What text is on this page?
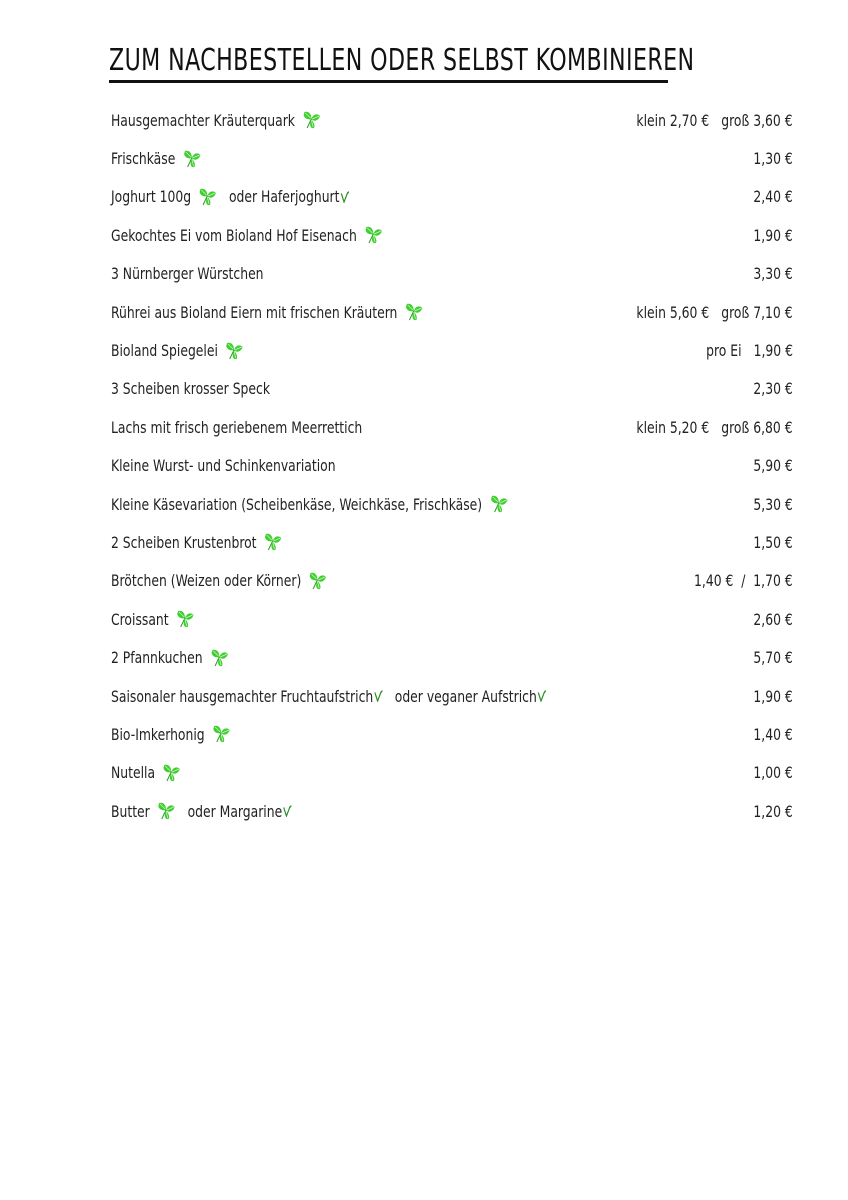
ZUM NACHBESTELLEN ODER SELBST KOMBINIEREN
Hausgemachter Kräuterquark	klein 2,70 € groß 3,60 €
Frischkäse	1,30 €
Joghurt 100g oder Haferjoghurt	2,40 €
Gekochtes Ei vom Bioland Hof Eisenach	1,90 €
3 Nürnberger Würstchen	3,30 €
Rührei aus Bioland Eiern mit frischen Kräutern	klein 5,60 € groß 7,10 €
Bioland Spiegelei	pro Ei 1,90 €
3 Scheiben krosser Speck	2,30 €
Lachs mit frisch geriebenem Meerrettich	klein 5,20 € groß 6,80 €
Kleine Wurst- und Schinkenvariation	5,90 €
Kleine Käsevariation (Scheibenkäse, Weichkäse, Frischkäse)	5,30 €
2 Scheiben Krustenbrot	1,50 €
Brötchen (Weizen oder Körner)	1,40 €  /  1,70 €
Croissant	2,60 €
2 Pfannkuchen	5,70 €
Saisonaler hausgemachter Fruchtaufstrich oder veganer Aufstrich	1,90 €
Bio-Imkerhonig	1,40 €
Nutella	1,00 €
Butter oder Margarine	1,20 €
